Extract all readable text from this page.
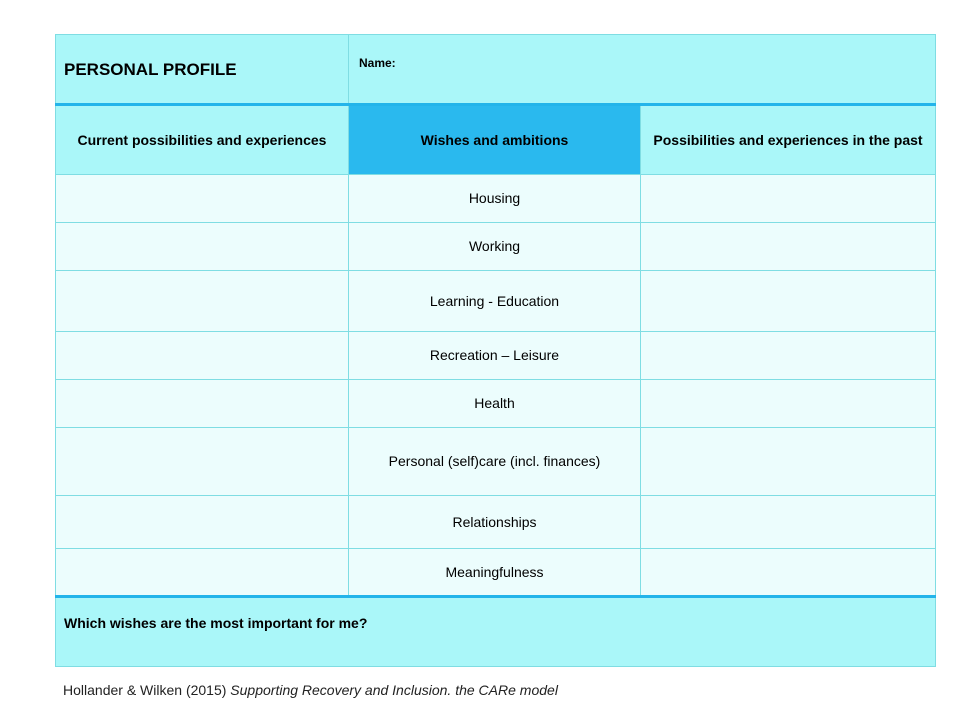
PERSONAL PROFILE	Name:	
Current possibilities and experiences	Wishes and ambitions	Possibilities and experiences in the past
	Housing	
	Working	
	Learning - Education	
	Recreation – Leisure	
	Health	
	Personal (self)care (incl. finances)	
	Relationships	
	Meaningfulness	
Which wishes are the most important for me?		
Hollander & Wilken (2015) Supporting Recovery and Inclusion. the CARe model
